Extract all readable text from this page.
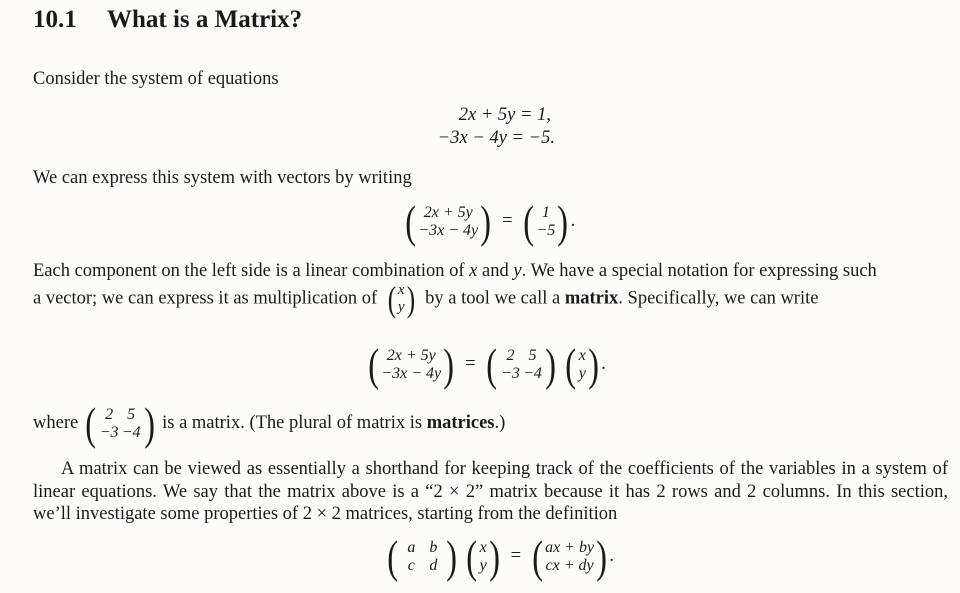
10.1 What is a Matrix?
Consider the system of equations
2x + 5y = 1,
−3x − 4y = −5.
We can express this system with vectors by writing
( 2x + 5y
−3x − 4y ) = ( 1
−5 ) .
Each component on the left side is a linear combination of x and y. We have a special notation for expressing such
a vector; we can express it as multiplication of ( x
y ) by a tool we call a matrix. Specifically, we can write
( 2x + 5y
−3x − 4y ) = ( 2 5
−3 −4 )
( x
y ) .
where ( 2 5
−3 −4 ) is a matrix. (The plural of matrix is matrices.)
A matrix can be viewed as essentially a shorthand for keeping track of the coefficients of the variables in a system of linear equations. We say that the matrix above is a “2 × 2” matrix because it has 2 rows and 2 columns. In this section, we’ll investigate some properties of 2 × 2 matrices, starting from the definition
( a b
c d )
( x
y ) = ( ax + by
cx + dy ) .
